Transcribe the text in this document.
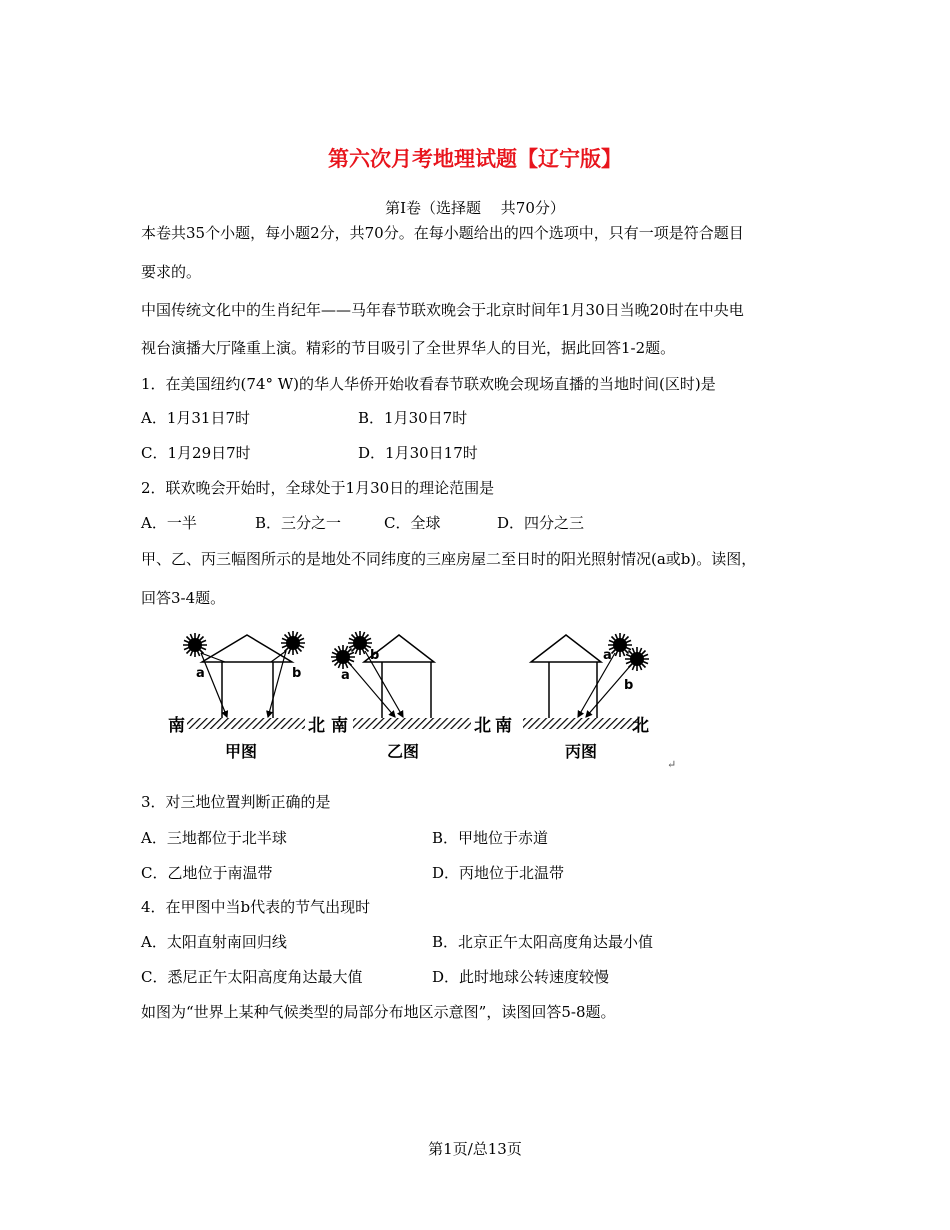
第六次月考地理试题【辽宁版】
第Ⅰ卷（选择题　 共70分）
本卷共35个小题，每小题2分，共70分。在每小题给出的四个选项中，只有一项是符合题目
要求的。
中国传统文化中的生肖纪年——马年春节联欢晚会于北京时间年1月30日当晚20时在中央电
视台演播大厅隆重上演。精彩的节目吸引了全世界华人的目光，据此回答1-2题。
1．在美国纽约(74° W)的华人华侨开始收看春节联欢晚会现场直播的当地时间(区时)是
A．1月31日7时	B．1月30日7时
C．1月29日7时	D．1月30日17时
2．联欢晚会开始时，全球处于1月30日的理论范围是
A．一半	B．三分之一	C．全球	D．四分之三
甲、乙、丙三幅图所示的是地处不同纬度的三座房屋二至日时的阳光照射情况(a或b)。读图，
回答3-4题。
南	北 南	北 南	北
a	b	a
b	a
b
甲图	乙图	丙图
↵
3．对三地位置判断正确的是
A．三地都位于北半球	B．甲地位于赤道
C．乙地位于南温带	D．丙地位于北温带
4．在甲图中当b代表的节气出现时
A．太阳直射南回归线	B．北京正午太阳高度角达最小值
C．悉尼正午太阳高度角达最大值	D．此时地球公转速度较慢
如图为“世界上某种气候类型的局部分布地区示意图”，读图回答5-8题。
第1页/总13页
